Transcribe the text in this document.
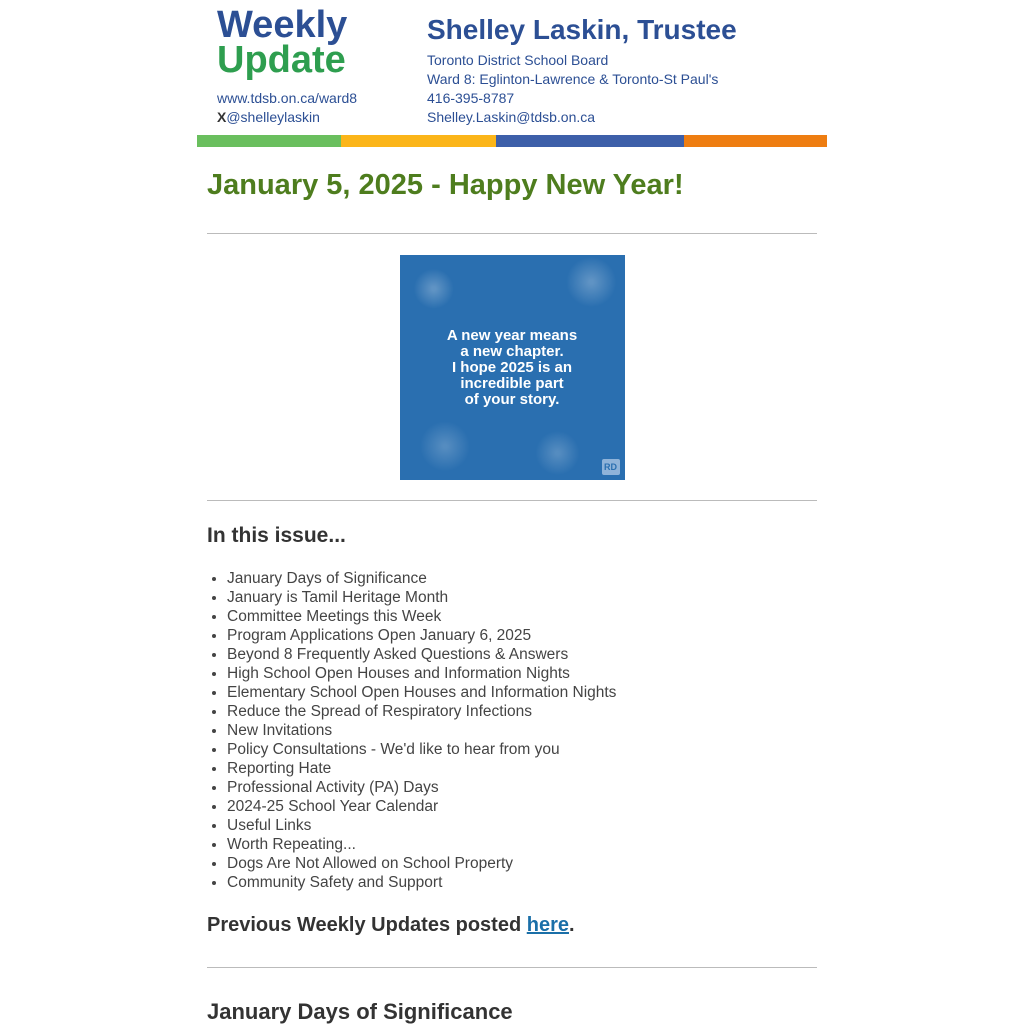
Weekly
Update
www.tdsb.on.ca/ward8
X@shelleylaskin
Shelley Laskin, Trustee
Toronto District School Board
Ward 8: Eglinton-Lawrence & Toronto-St Paul's
416-395-8787
Shelley.Laskin@tdsb.on.ca
January 5, 2025 - Happy New Year!
A new year means
a new chapter.
I hope 2025 is an
incredible part
of your story.
RD
In this issue...
• January Days of Significance
• January is Tamil Heritage Month
• Committee Meetings this Week
• Program Applications Open January 6, 2025
• Beyond 8 Frequently Asked Questions & Answers
• High School Open Houses and Information Nights
• Elementary School Open Houses and Information Nights
• Reduce the Spread of Respiratory Infections
• New Invitations
• Policy Consultations - We'd like to hear from you
• Reporting Hate
• Professional Activity (PA) Days
• 2024-25 School Year Calendar
• Useful Links
• Worth Repeating...
• Dogs Are Not Allowed on School Property
• Community Safety and Support
Previous Weekly Updates posted here.
January Days of Significance
